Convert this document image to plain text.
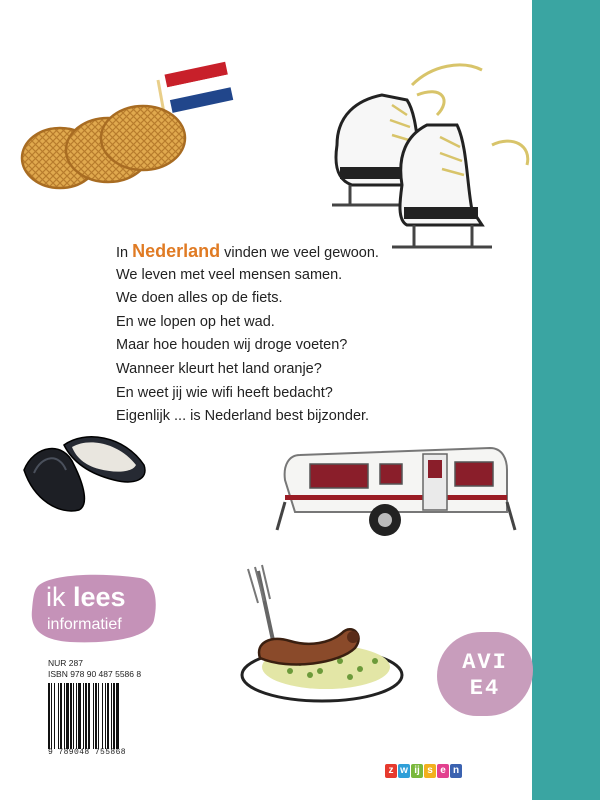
In Nederland vinden we veel gewoon.
We leven met veel mensen samen.
We doen alles op de fiets.
En we lopen op het wad.
Maar hoe houden wij droge voeten?
Wanneer kleurt het land oranje?
En weet jij wie wifi heeft bedacht?
Eigenlijk ... is Nederland best bijzonder.
ik lees
informatief
NUR 287
ISBN 978 90 487 5586 8
9 789048 755868
AVI
E4
z w ij s e n
